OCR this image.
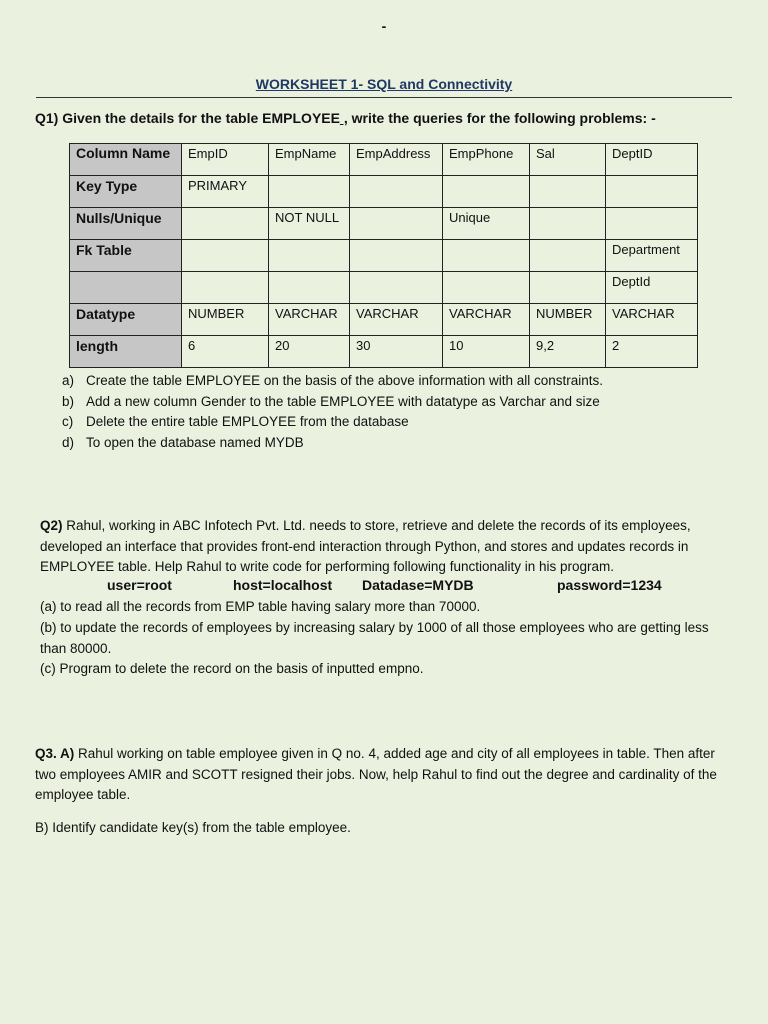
-
WORKSHEET 1- SQL and Connectivity
Q1) Given the details for the table EMPLOYEE , write the queries for the following problems: -
Column Name	EmpID	EmpName	EmpAddress	EmpPhone	Sal	DeptID
Key Type	PRIMARY					
Nulls/Unique		NOT NULL		Unique		
Fk Table						Department
						DeptId
Datatype	NUMBER	VARCHAR	VARCHAR	VARCHAR	NUMBER	VARCHAR
length	6	20	30	10	9,2	2
a) Create the table EMPLOYEE on the basis of the above information with all constraints.
b) Add a new column Gender to the table EMPLOYEE with datatype as Varchar and size
c) Delete the entire table EMPLOYEE from the database
d) To open the database named MYDB
Q2) Rahul, working in ABC Infotech Pvt. Ltd. needs to store, retrieve and delete the records of its employees, developed an interface that provides front-end interaction through Python, and stores and updates records in EMPLOYEE table. Help Rahul to write code for performing following functionality in his program.
user=root	host=localhost Datadase=MYDB	password=1234
(a) to read all the records from EMP table having salary more than 70000.
(b) to update the records of employees by increasing salary by 1000 of all those employees who are getting less than 80000.
(c) Program to delete the record on the basis of inputted empno.
Q3. A) Rahul working on table employee given in Q no. 4, added age and city of all employees in table. Then after two employees AMIR and SCOTT resigned their jobs. Now, help Rahul to find out the degree and cardinality of the employee table.
B) Identify candidate key(s) from the table employee.
